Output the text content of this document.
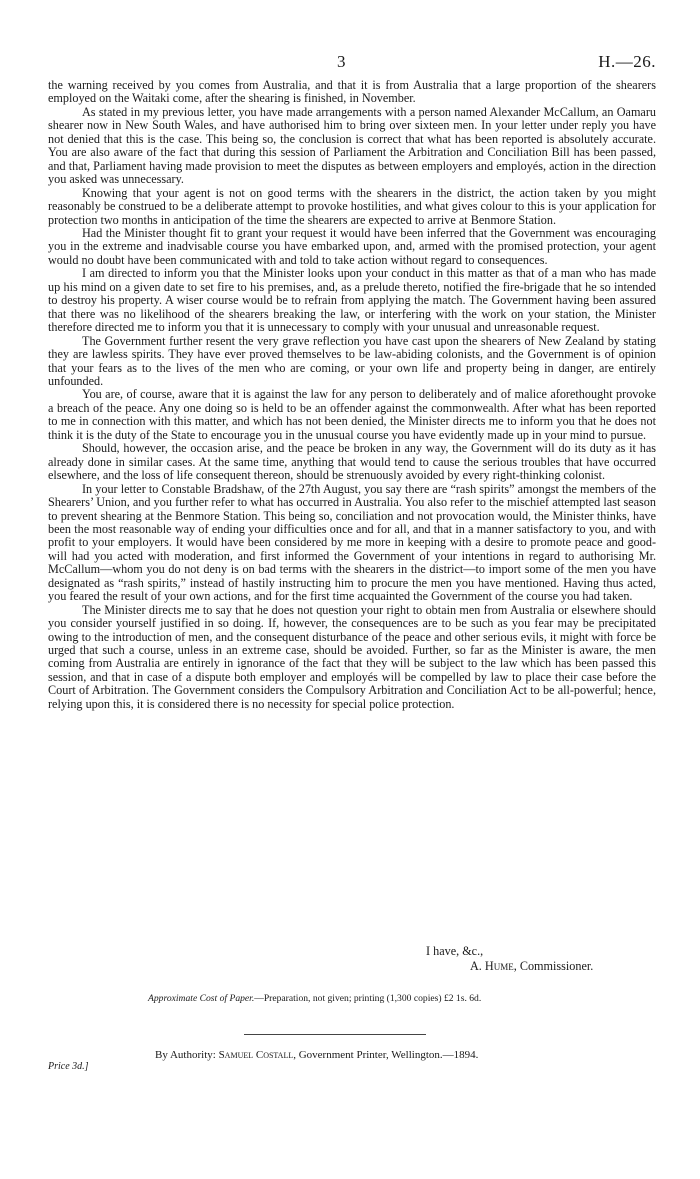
3	H.—26.

the warning received by you comes from Australia, and that it is from Australia that a large proportion of the shearers employed on the Waitaki come, after the shearing is finished, in November.

As stated in my previous letter, you have made arrangements with a person named Alexander McCallum, an Oamaru shearer now in New South Wales, and have authorised him to bring over sixteen men. In your letter under reply you have not denied that this is the case. This being so, the conclusion is correct that what has been reported is absolutely accurate. You are also aware of the fact that during this session of Parliament the Arbitration and Conciliation Bill has been passed, and that, Parliament having made provision to meet the disputes as between employers and employés, action in the direction you asked was unnecessary.

Knowing that your agent is not on good terms with the shearers in the district, the action taken by you might reasonably be construed to be a deliberate attempt to provoke hostilities, and what gives colour to this is your application for protection two months in anticipation of the time the shearers are expected to arrive at Benmore Station.

Had the Minister thought fit to grant your request it would have been inferred that the Government was encouraging you in the extreme and inadvisable course you have embarked upon, and, armed with the promised protection, your agent would no doubt have been communicated with and told to take action without regard to consequences.

I am directed to inform you that the Minister looks upon your conduct in this matter as that of a man who has made up his mind on a given date to set fire to his premises, and, as a prelude thereto, notified the fire-brigade that he so intended to destroy his property. A wiser course would be to refrain from applying the match. The Government having been assured that there was no likelihood of the shearers breaking the law, or interfering with the work on your station, the Minister therefore directed me to inform you that it is unnecessary to comply with your unusual and unreasonable request.

The Government further resent the very grave reflection you have cast upon the shearers of New Zealand by stating they are lawless spirits. They have ever proved themselves to be law-abiding colonists, and the Government is of opinion that your fears as to the lives of the men who are coming, or your own life and property being in danger, are entirely unfounded.

You are, of course, aware that it is against the law for any person to deliberately and of malice aforethought provoke a breach of the peace. Any one doing so is held to be an offender against the commonwealth. After what has been reported to me in connection with this matter, and which has not been denied, the Minister directs me to inform you that he does not think it is the duty of the State to encourage you in the unusual course you have evidently made up in your mind to pursue.

Should, however, the occasion arise, and the peace be broken in any way, the Government will do its duty as it has already done in similar cases. At the same time, anything that would tend to cause the serious troubles that have occurred elsewhere, and the loss of life consequent thereon, should be strenuously avoided by every right-thinking colonist.

In your letter to Constable Bradshaw, of the 27th August, you say there are “rash spirits” amongst the members of the Shearers’ Union, and you further refer to what has occurred in Australia. You also refer to the mischief attempted last season to prevent shearing at the Benmore Station. This being so, conciliation and not provocation would, the Minister thinks, have been the most reasonable way of ending your difficulties once and for all, and that in a manner satisfactory to you, and with profit to your employers. It would have been considered by me more in keeping with a desire to promote peace and good-will had you acted with moderation, and first informed the Government of your intentions in regard to authorising Mr. McCallum—whom you do not deny is on bad terms with the shearers in the district—to import some of the men you have designated as “rash spirits,” instead of hastily instructing him to procure the men you have mentioned. Having thus acted, you feared the result of your own actions, and for the first time acquainted the Government of the course you had taken.

The Minister directs me to say that he does not question your right to obtain men from Australia or elsewhere should you consider yourself justified in so doing. If, however, the consequences are to be such as you fear may be precipitated owing to the introduction of men, and the consequent disturbance of the peace and other serious evils, it might with force be urged that such a course, unless in an extreme case, should be avoided. Further, so far as the Minister is aware, the men coming from Australia are entirely in ignorance of the fact that they will be subject to the law which has been passed this session, and that in case of a dispute both employer and employés will be compelled by law to place their case before the Court of Arbitration. The Government considers the Compulsory Arbitration and Conciliation Act to be all-powerful; hence, relying upon this, it is considered there is no necessity for special police protection.

I have, &c.,
A. Hume, Commissioner.
Approximate Cost of Paper.—Preparation, not given; printing (1,300 copies) £2 1s. 6d.
By Authority: Samuel Costall, Government Printer, Wellington.—1894.
Price 3d.]
